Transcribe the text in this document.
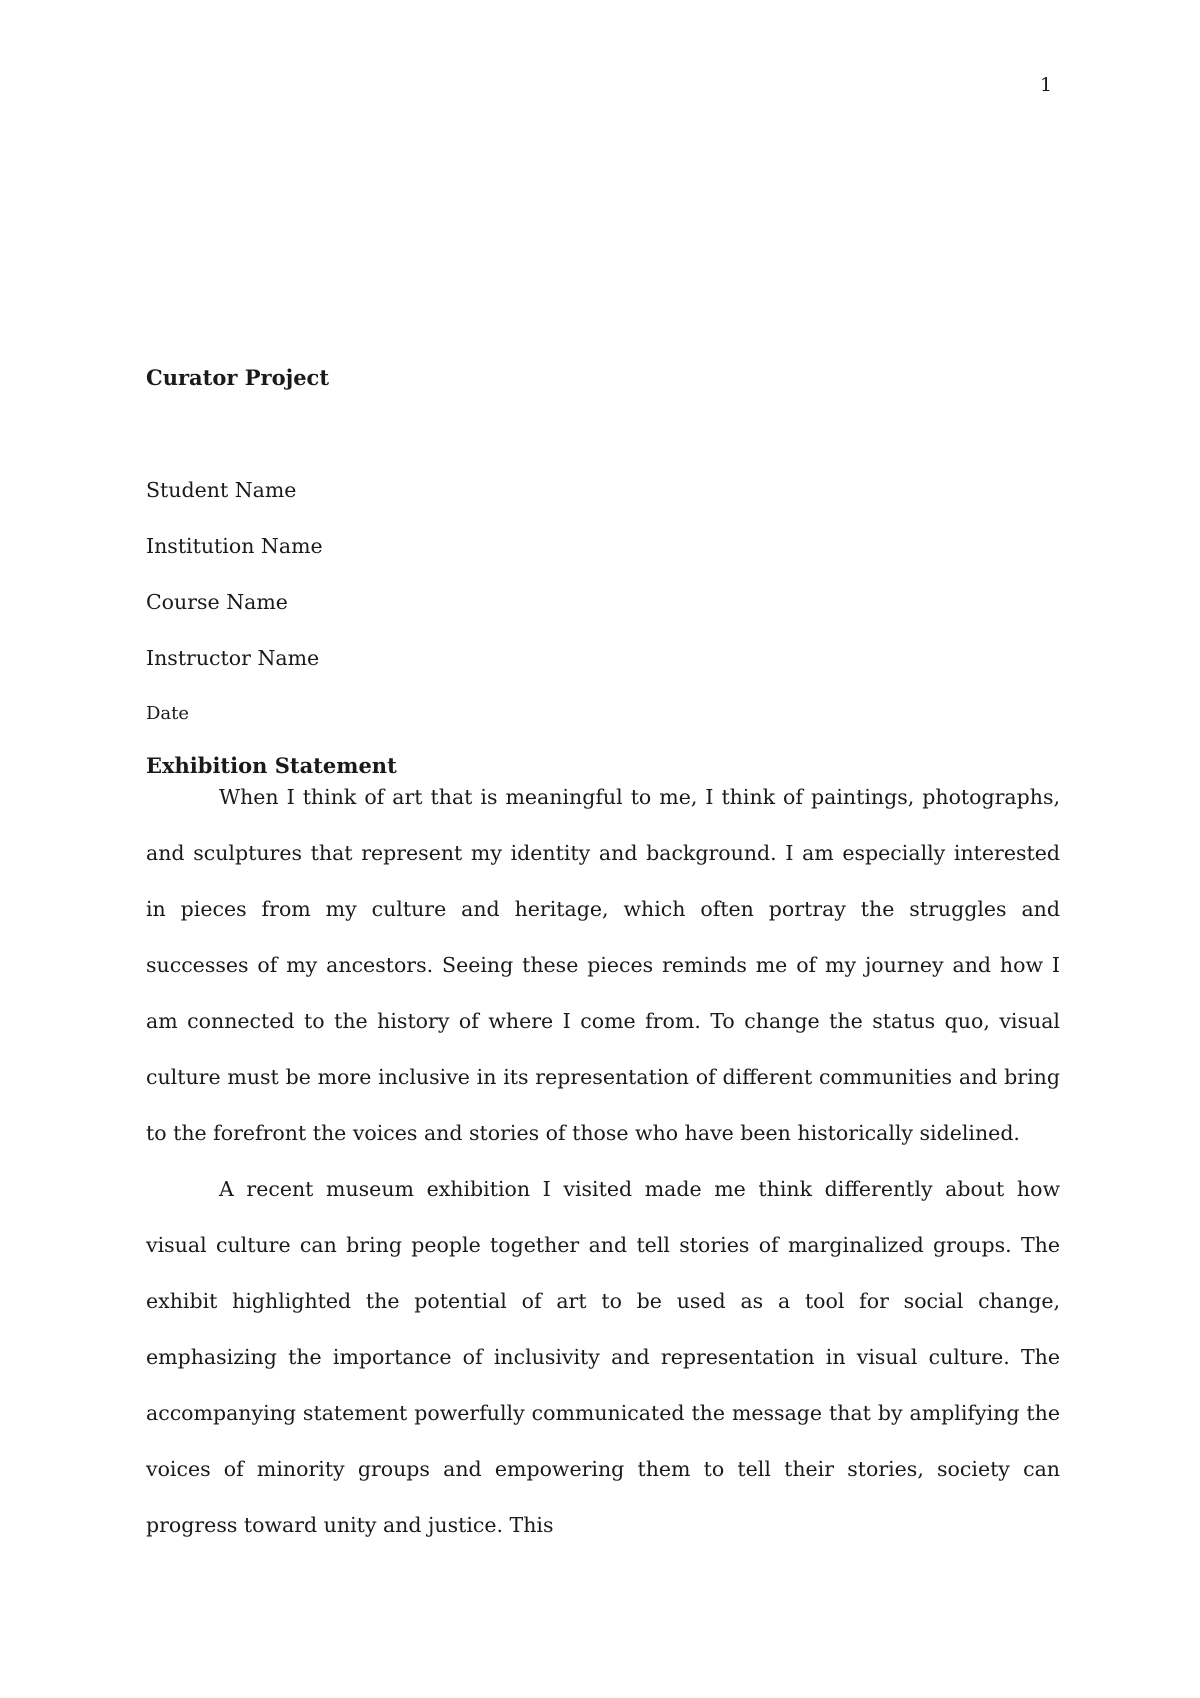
1
Curator Project
Student Name
Institution Name
Course Name
Instructor Name
Date
Exhibition Statement

When I think of art that is meaningful to me, I think of paintings, photographs, and sculptures that represent my identity and background. I am especially interested in pieces from my culture and heritage, which often portray the struggles and successes of my ancestors. Seeing these pieces reminds me of my journey and how I am connected to the history of where I come from. To change the status quo, visual culture must be more inclusive in its representation of different communities and bring to the forefront the voices and stories of those who have been historically sidelined.

A recent museum exhibition I visited made me think differently about how visual culture can bring people together and tell stories of marginalized groups. The exhibit highlighted the potential of art to be used as a tool for social change, emphasizing the importance of inclusivity and representation in visual culture. The accompanying statement powerfully communicated the message that by amplifying the voices of minority groups and empowering them to tell their stories, society can progress toward unity and justice. This
